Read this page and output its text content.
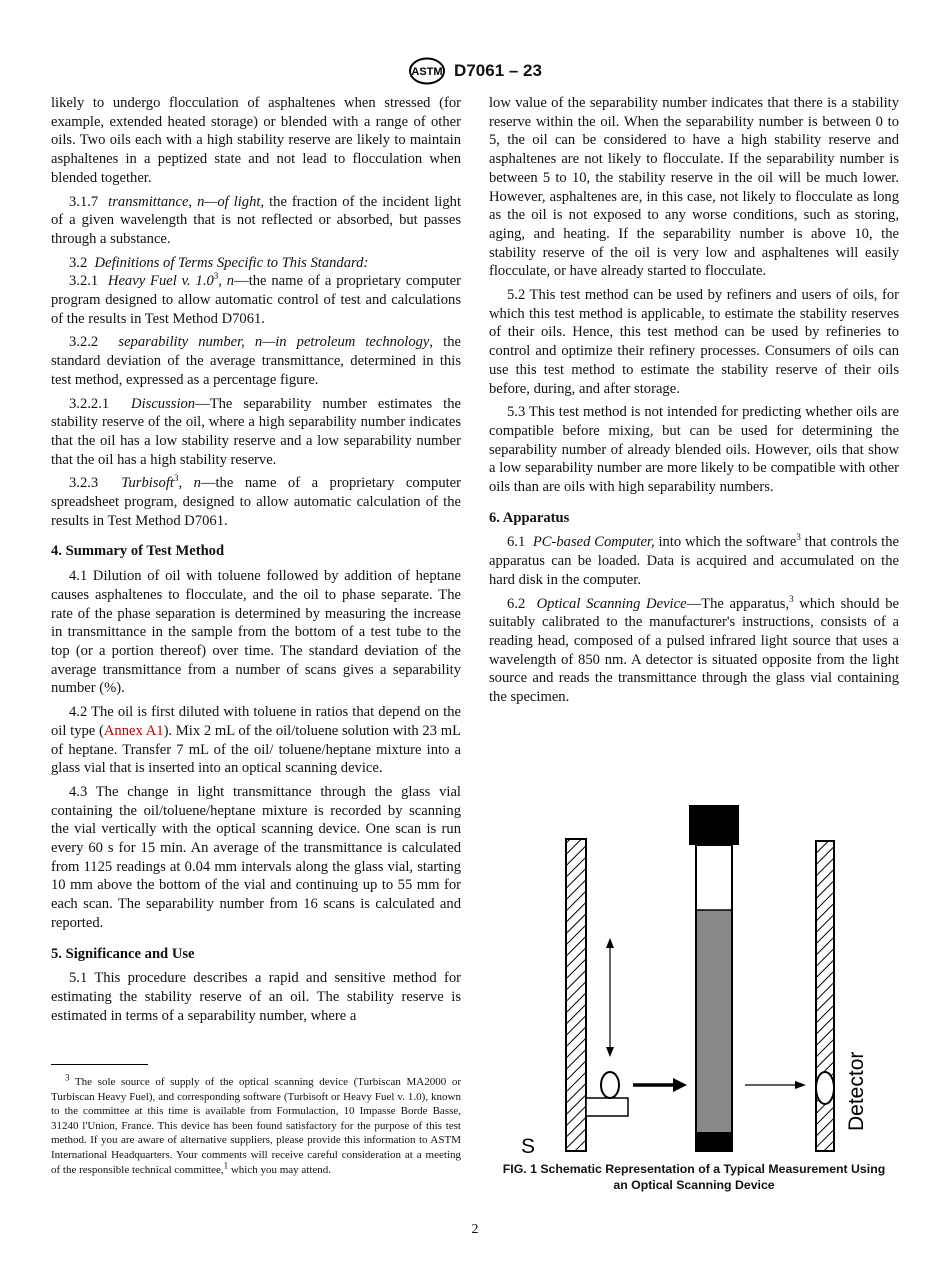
ASTM D7061 – 23

likely to undergo flocculation of asphaltenes when stressed (for example, extended heated storage) or blended with a range of other oils. Two oils each with a high stability reserve are likely to maintain asphaltenes in a peptized state and not lead to flocculation when blended together.

3.1.7 transmittance, n—of light, the fraction of the incident light of a given wavelength that is not reflected or absorbed, but passes through a substance.

3.2 Definitions of Terms Specific to This Standard:

3.2.1 Heavy Fuel v. $1.0^3$, n—the name of a proprietary computer program designed to allow automatic control of test and calculations of the results in Test Method D7061.

3.2.2 separability number, n—in petroleum technology, the standard deviation of the average transmittance, determined in this test method, expressed as a percentage figure.

3.2.2.1 Discussion—The separability number estimates the stability reserve of the oil, where a high separability number indicates that the oil has a low stability reserve and a low separability number that the oil has a high stability reserve.

3.2.3 Turbisoft$^3$, n—the name of a proprietary computer spreadsheet program, designed to allow automatic calculation of the results in Test Method D7061.

4. Summary of Test Method

4.1 Dilution of oil with toluene followed by addition of heptane causes asphaltenes to flocculate, and the oil to phase separate. The rate of the phase separation is determined by measuring the increase in transmittance in the sample from the bottom of a test tube to the top (or a portion thereof) over time. The standard deviation of the average transmittance from a number of scans gives a separability number (%).

4.2 The oil is first diluted with toluene in ratios that depend on the oil type (Annex A1). Mix 2 mL of the oil/toluene solution with 23 mL of heptane. Transfer 7 mL of the oil/ toluene/heptane mixture into a glass vial that is inserted into an optical scanning device.

4.3 The change in light transmittance through the glass vial containing the oil/toluene/heptane mixture is recorded by scanning the vial vertically with the optical scanning device. One scan is run every 60 s for 15 min. An average of the transmittance is calculated from 1125 readings at 0.04 mm intervals along the glass vial, starting 10 mm above the bottom of the vial and continuing up to 55 mm for each scan. The separability number from 16 scans is calculated and reported.

5. Significance and Use

5.1 This procedure describes a rapid and sensitive method for estimating the stability reserve of an oil. The stability reserve is estimated in terms of a separability number, where a

low value of the separability number indicates that there is a stability reserve within the oil. When the separability number is between 0 to 5, the oil can be considered to have a high stability reserve and asphaltenes are not likely to flocculate. If the separability number is between 5 to 10, the stability reserve in the oil will be much lower. However, asphaltenes are, in this case, not likely to flocculate as long as the oil is not exposed to any worse conditions, such as storing, aging, and heating. If the separability number is above 10, the stability reserve of the oil is very low and asphaltenes will easily flocculate, or have already started to flocculate.

5.2 This test method can be used by refiners and users of oils, for which this test method is applicable, to estimate the stability reserves of their oils. Hence, this test method can be used by refineries to control and optimize their refinery processes. Consumers of oils can use this test method to estimate the stability reserve of their oils before, during, and after storage.

5.3 This test method is not intended for predicting whether oils are compatible before mixing, but can be used for determining the separability number of already blended oils. However, oils that show a low separability number are more likely to be compatible with other oils than are oils with high separability numbers.

6. Apparatus

6.1 PC-based Computer, into which the software$^3$ that controls the apparatus can be loaded. Data is acquired and accumulated on the hard disk in the computer.

6.2 Optical Scanning Device—The apparatus,$^3$ which should be suitably calibrated to the manufacturer's instructions, consists of a reading head, composed of a pulsed infrared light source that uses a wavelength of 850 nm. A detector is situated opposite from the light source and reads the transmittance through the glass vial containing the specimen.

Detector
S
FIG. 1 Schematic Representation of a Typical Measurement Using
an Optical Scanning Device

$^3$ The sole source of supply of the optical scanning device (Turbiscan MA2000 or Turbiscan Heavy Fuel), and corresponding software (Turbisoft or Heavy Fuel v. 1.0), known to the committee at this time is available from Formulaction, 10 Impasse Borde Basse, 31240 l'Union, France. This device has been found satisfactory for the purpose of this test method. If you are aware of alternative suppliers, please provide this information to ASTM International Headquarters. Your comments will receive careful consideration at a meeting of the responsible technical committee,$^1$ which you may attend.

2
